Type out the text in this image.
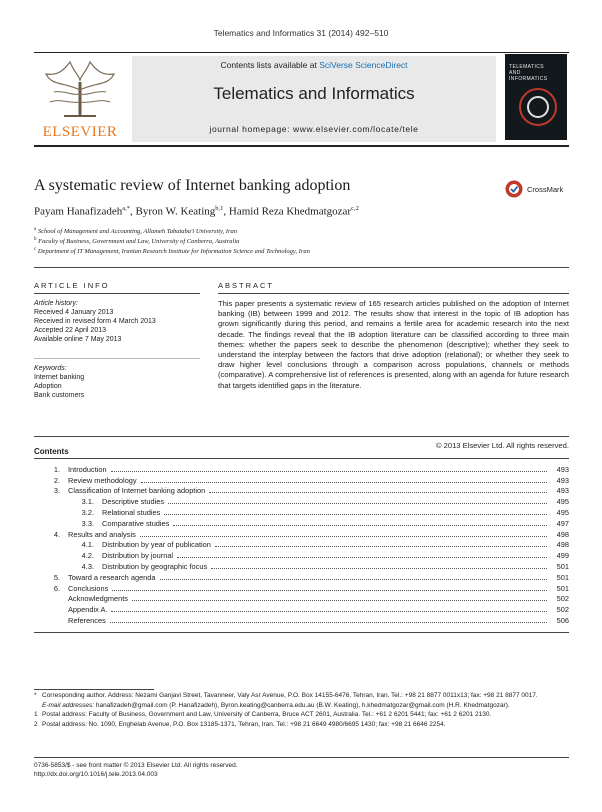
Telematics and Informatics 31 (2014) 492–510
ELSEVIER
Contents lists available at SciVerse ScienceDirect
Telematics and Informatics
journal homepage: www.elsevier.com/locate/tele
TELEMATICS
AND
INFORMATICS
A systematic review of Internet banking adoption	CrossMark
Payam Hanafizadeh$^{a,*}$, Byron W. Keating$^{b,1}$, Hamid Reza Khedmatgozar$^{c,2}$
$^a$ School of Management and Accounting, Allameh Tabataba'i University, Iran
$^b$ Faculty of Business, Government and Law, University of Canberra, Australia
$^c$ Department of IT Management, Iranian Research Institute for Information Science and Technology, Iran
ARTICLE INFO
Article history:
Received 4 January 2013
Received in revised form 4 March 2013
Accepted 22 April 2013
Available online 7 May 2013
Keywords:
Internet banking
Adoption
Bank customers
ABSTRACT
This paper presents a systematic review of 165 research articles published on the adoption of Internet banking (IB) between 1999 and 2012. The results show that interest in the topic of IB adoption has grown significantly during this period, and remains a fertile area for academic research into the next decade. The findings reveal that the IB adoption literature can be classified according to three main themes: whether the papers seek to describe the phenomenon (descriptive); whether they seek to understand the interplay between the factors that drive adoption (relational); or whether they seek to draw higher level conclusions through a comparison across populations, channels or methods (comparative). A comprehensive list of references is presented, along with an agenda for future research that targets identified gaps in the literature.
© 2013 Elsevier Ltd. All rights reserved.
Contents
1. Introduction	493
2. Review methodology	493
3. Classification of Internet banking adoption	493
3.1. Descriptive studies	495
3.2. Relational studies	495
3.3. Comparative studies	497
4. Results and analysis	498
4.1. Distribution by year of publication	498
4.2. Distribution by journal	499
4.3. Distribution by geographic focus	501
5. Toward a research agenda	501
6. Conclusions	501
Acknowledgments	502
Appendix A.	502
References	506
* Corresponding author. Address: Nezami Ganjavi Street, Tavanneer, Valy Asr Avenue, P.O. Box 14155-6476, Tehran, Iran. Tel.: +98 21 8877 0011x13; fax: +98 21 8877 0017.
E-mail addresses: hanafizadeh@gmail.com (P. Hanafizadeh), Byron.keating@canberra.edu.au (B.W. Keating), h.khedmatgozar@gmail.com (H.R. Khedmatgozar).
1 Postal address: Faculty of Business, Government and Law, University of Canberra, Bruce ACT 2601, Australia. Tel.: +61 2 6201 5441; fax: +61 2 6201 2130.
2 Postal address: No. 1090, Enghelab Avenue, P.O. Box 13185-1371, Tehran, Iran. Tel.: +98 21 6649 4980/6695 1430; fax: +98 21 6646 2254.
0736-5853/$ - see front matter © 2013 Elsevier Ltd. All rights reserved.
http://dx.doi.org/10.1016/j.tele.2013.04.003
